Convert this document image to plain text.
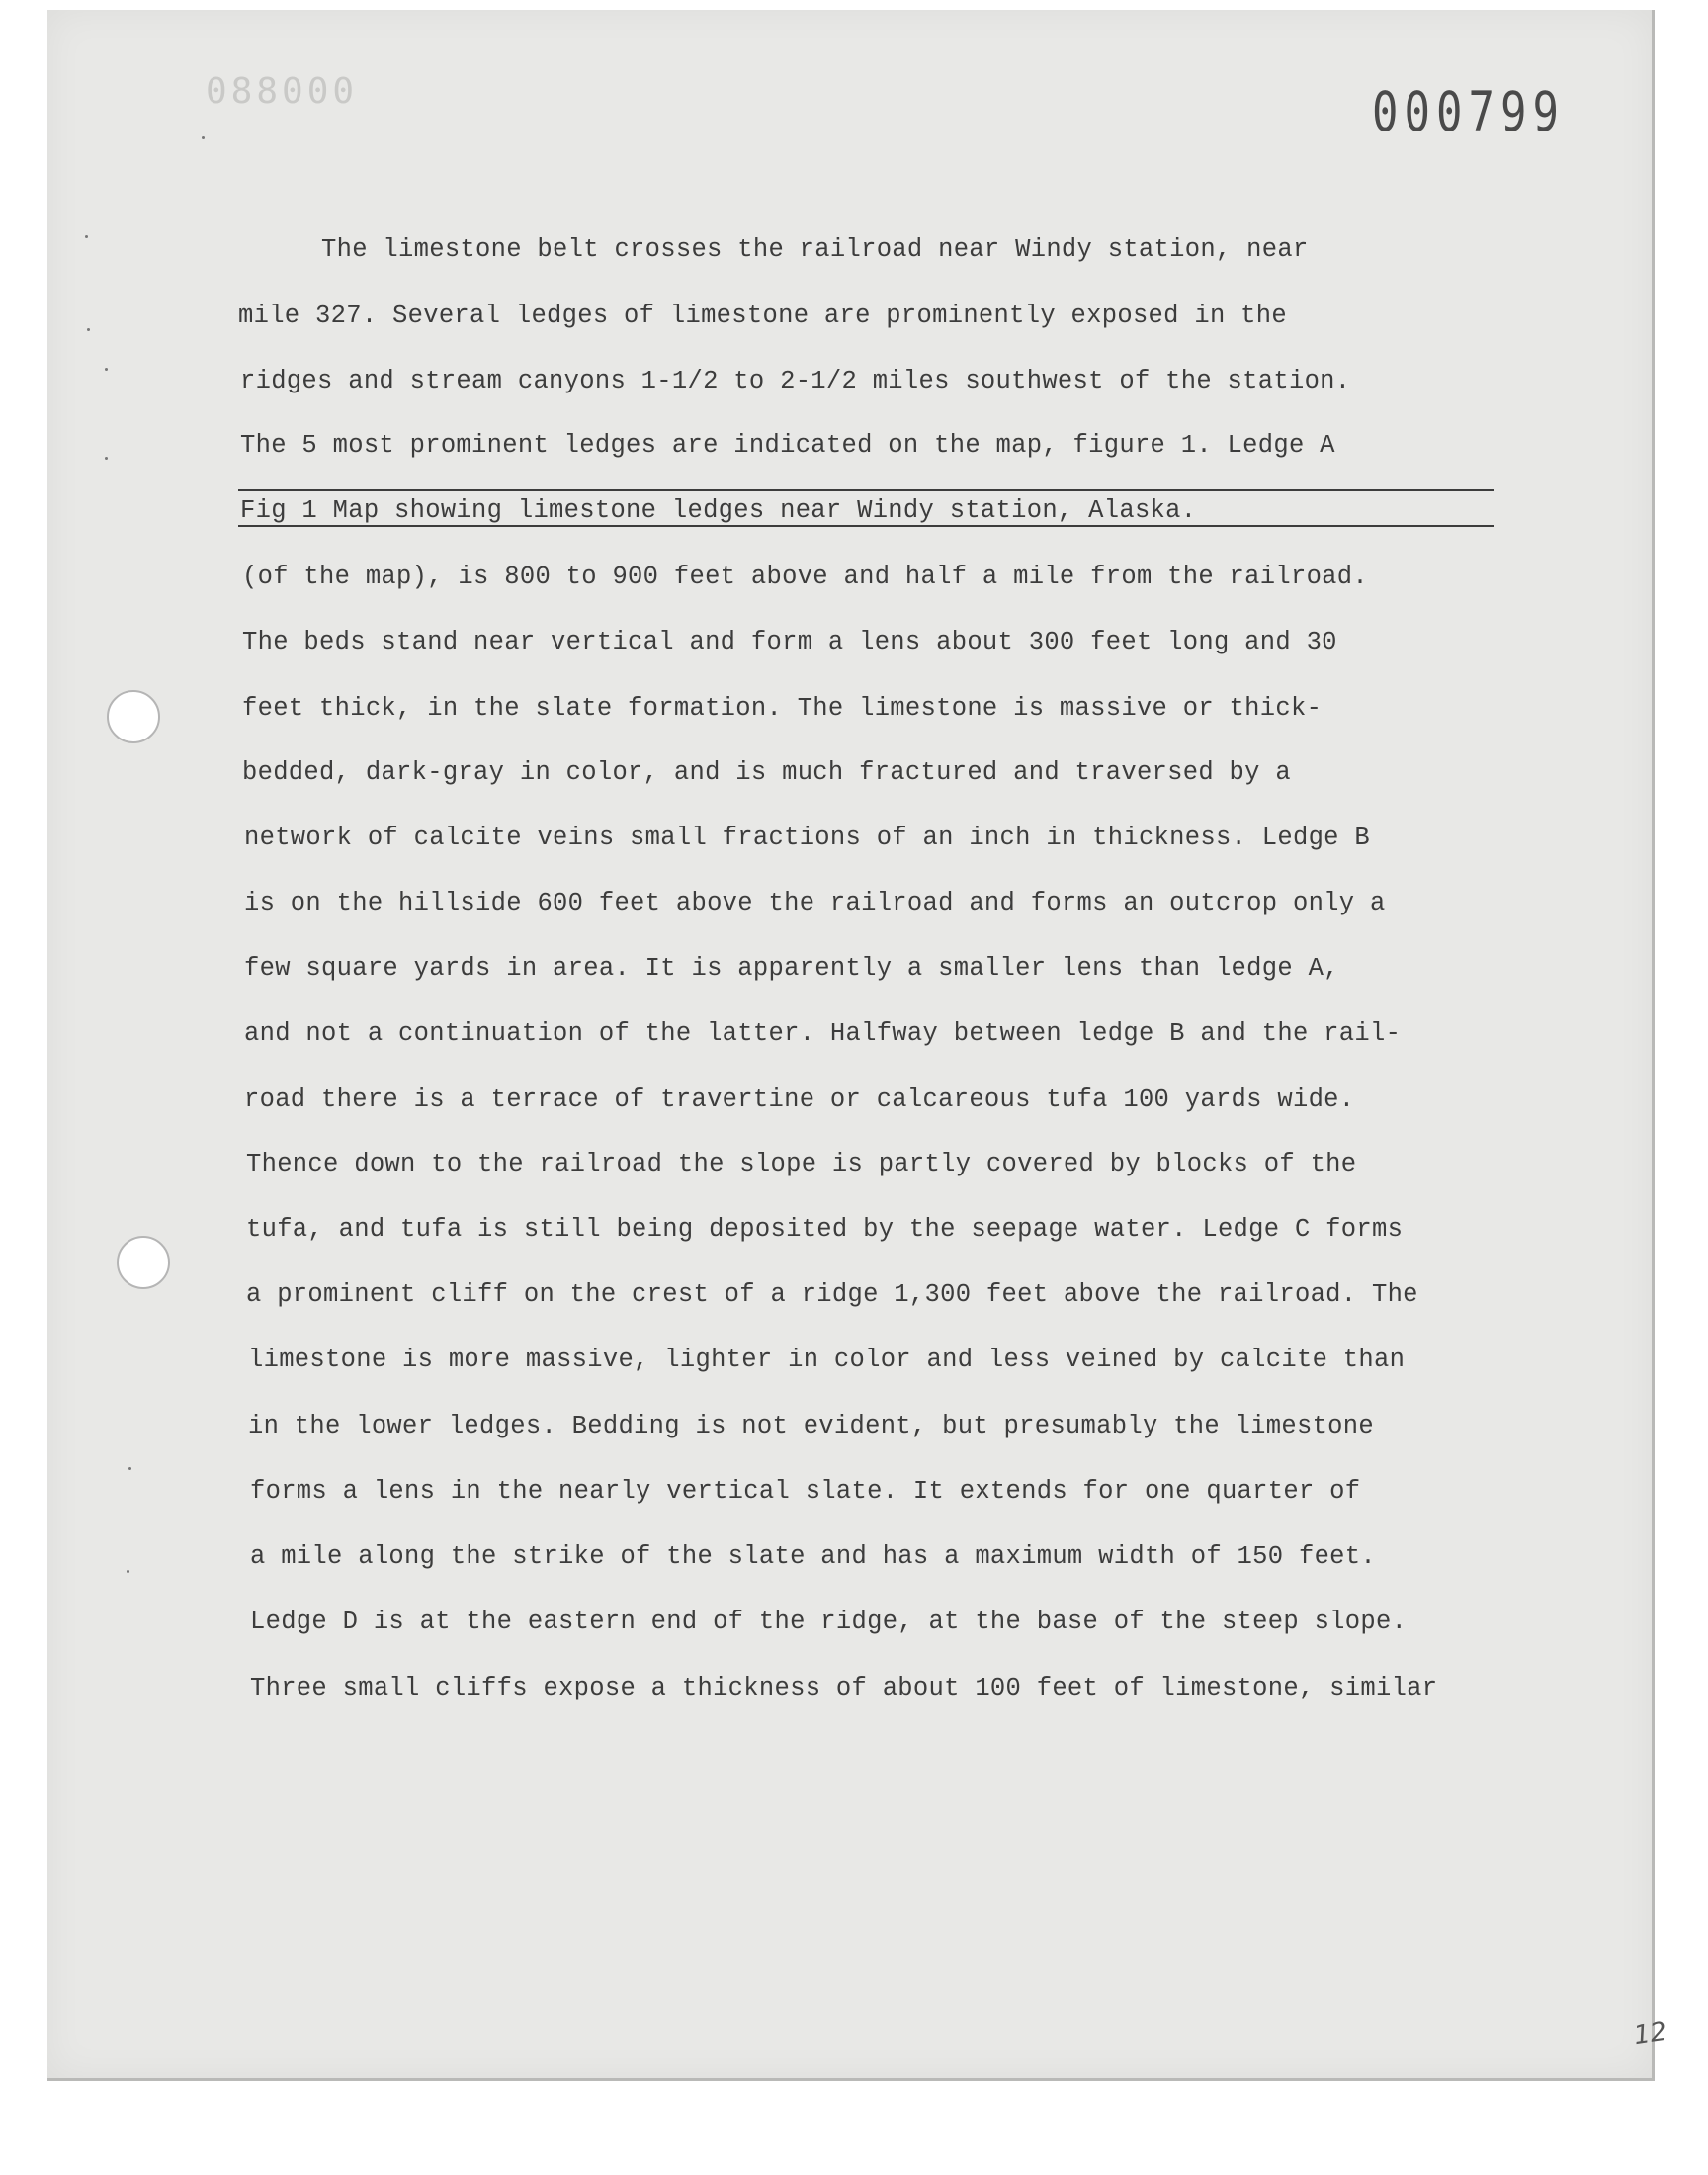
088000	000799
The limestone belt crosses the railroad near Windy station, near
mile 327. Several ledges of limestone are prominently exposed in the
ridges and stream canyons 1-1/2 to 2-1/2 miles southwest of the station.
The 5 most prominent ledges are indicated on the map, figure 1. Ledge A
Fig 1 Map showing limestone ledges near Windy station, Alaska.
(of the map), is 800 to 900 feet above and half a mile from the railroad.
The beds stand near vertical and form a lens about 300 feet long and 30
feet thick, in the slate formation. The limestone is massive or thick-
bedded, dark-gray in color, and is much fractured and traversed by a
network of calcite veins small fractions of an inch in thickness. Ledge B
is on the hillside 600 feet above the railroad and forms an outcrop only a
few square yards in area. It is apparently a smaller lens than ledge A,
and not a continuation of the latter. Halfway between ledge B and the rail-
road there is a terrace of travertine or calcareous tufa 100 yards wide.
Thence down to the railroad the slope is partly covered by blocks of the
tufa, and tufa is still being deposited by the seepage water. Ledge C forms
a prominent cliff on the crest of a ridge 1,300 feet above the railroad. The
limestone is more massive, lighter in color and less veined by calcite than
in the lower ledges. Bedding is not evident, but presumably the limestone
forms a lens in the nearly vertical slate. It extends for one quarter of
a mile along the strike of the slate and has a maximum width of 150 feet.
Ledge D is at the eastern end of the ridge, at the base of the steep slope.
Three small cliffs expose a thickness of about 100 feet of limestone, similar
12
